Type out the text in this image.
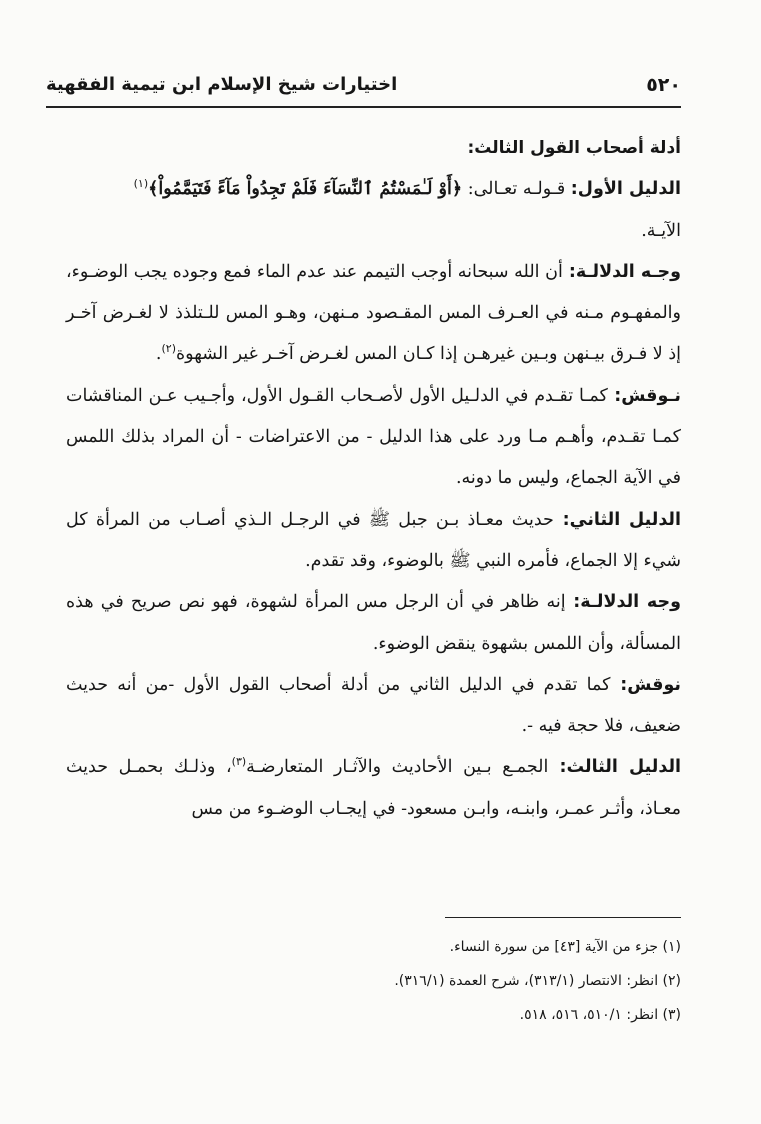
٥٢٠
اختيارات شيخ الإسلام ابن تيمية الفقهية

أدلة أصحاب القول الثالث:

الدليل الأول: قـولـه تعـالى: ﴿أَوْ لَـٰمَسْتُمُ ٱلنِّسَآءَ فَلَمْ تَجِدُواْ مَآءً فَتَيَمَّمُواْ﴾$^{(١)}$
الآيـة.

وجـه الدلالـة: أن الله سبحانه أوجب التيمم عند عدم الماء فمع وجوده يجب الوضـوء، والمفهـوم مـنه في العـرف المس المقـصود مـنهن، وهـو المس للـتلذذ لا لغـرض آخـر إذ لا فـرق بيـنهن وبـين غيرهـن إذا كـان المس لغـرض آخـر غير الشهوة$^{(٢)}$.

نـوقش: كمـا تقـدم في الدلـيل الأول لأصـحاب القـول الأول، وأجـيب عـن المناقشات كمـا تقـدم، وأهـم مـا ورد على هذا الدليل - من الاعتراضات - أن المراد بذلك اللمس في الآية الجماع، وليس ما دونه.

الدليل الثاني: حديث معـاذ بـن جبل ﷺ في الرجـل الـذي أصـاب من المرأة كل شيء إلا الجماع، فأمره النبي ﷺ بالوضوء، وقد تقدم.

وجه الدلالـة: إنه ظاهر في أن الرجل مس المرأة لشهوة، فهو نص صريح في هذه المسألة، وأن اللمس بشهوة ينقض الوضوء.

نوقش: كما تقدم في الدليل الثاني من أدلة أصحاب القول الأول -من أنه حديث ضعيف، فلا حجة فيه -.

الدليل الثالث: الجمـع بـين الأحاديث والآثـار المتعارضـة$^{(٣)}$، وذلـك بحمـل حديث معـاذ، وأثـر عمـر، وابنـه، وابـن مسعود- في إيجـاب الوضـوء من مس

(١) جزء من الآية [٤٣] من سورة النساء.
(٢) انظر: الانتصار (٣١٣/١)، شرح العمدة (٣١٦/١).
(٣) انظر: ٥١٠/١، ٥١٦، ٥١٨.
